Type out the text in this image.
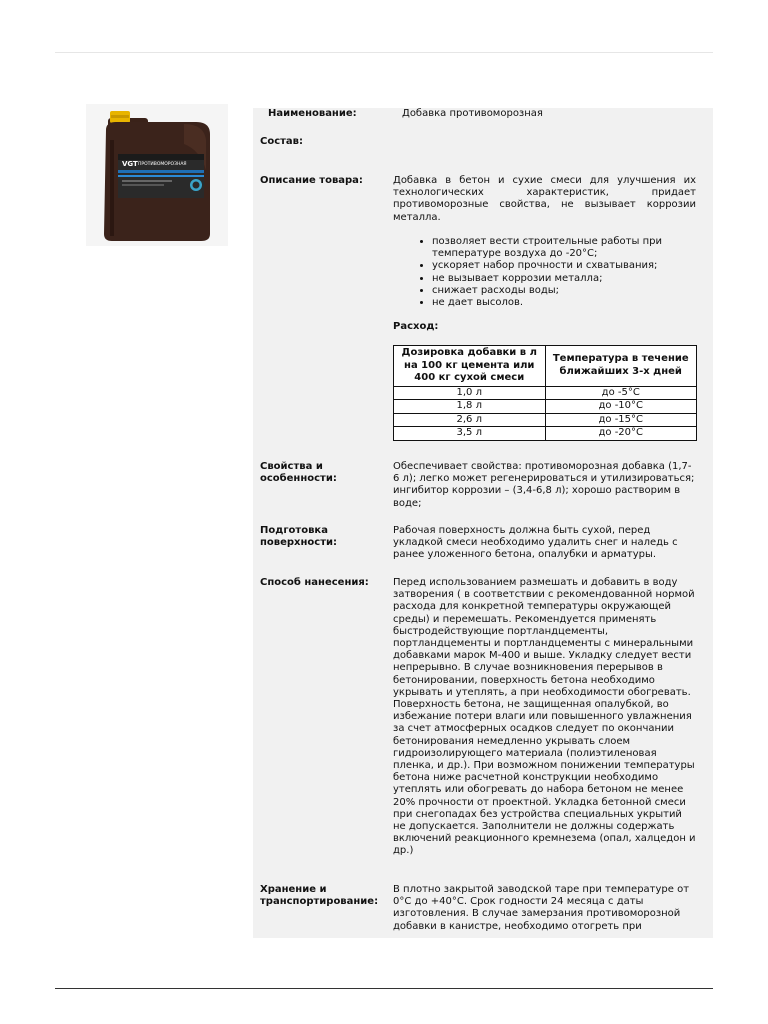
VGT ПРОТИВОМОРОЗНАЯ
Наименование:	Добавка противоморозная
Состав:
Описание товара:	Добавка в бетон и сухие смеси для улучшения их технологических характеристик, придает противоморозные свойства, не вызывает коррозии металла.
• позволяет вести строительные работы при температуре воздуха до -20°С;
• ускоряет набор прочности и схватывания;
• не вызывает коррозии металла;
• снижает расходы воды;
• не дает высолов.
Расход:
Дозировка добавки в л на 100 кг цемента или 400 кг сухой смеси	Температура в течение ближайших 3-х дней
1,0 л	до -5°С
1,8 л	до -10°С
2,6 л	до -15°С
3,5 л	до -20°С
Свойства и особенности:
Обеспечивает свойства: противоморозная добавка (1,7-6 л); легко может регенерироваться и утилизироваться; ингибитор коррозии – (3,4-6,8 л); хорошо растворим в воде;
Подготовка поверхности:
Рабочая поверхность должна быть сухой, перед укладкой смеси необходимо удалить снег и наледь с ранее уложенного бетона, опалубки и арматуры.
Способ нанесения: Перед использованием размешать и добавить в воду затворения ( в соответствии с рекомендованной нормой расхода для конкретной температуры окружающей среды) и перемешать. Рекомендуется применять быстродействующие портландцементы, портландцементы и портландцементы с минеральными добавками марок М-400 и выше. Укладку следует вести непрерывно. В случае возникновения перерывов в бетонировании, поверхность бетона необходимо укрывать и утеплять, а при необходимости обогревать. Поверхность бетона, не защищенная опалубкой, во избежание потери влаги или повышенного увлажнения за счет атмосферных осадков следует по окончании бетонирования немедленно укрывать слоем гидроизолирующего материала (полиэтиленовая пленка, и др.). При возможном понижении температуры бетона ниже расчетной конструкции необходимо утеплять или обогревать до набора бетоном не менее 20% прочности от проектной. Укладка бетонной смеси при снегопадах без устройства специальных укрытий не допускается. Заполнители не должны содержать включений реакционного кремнезема (опал, халцедон и др.)
Хранение и транспортирование:
В плотно закрытой заводской таре при температуре от 0°С до +40°С. Срок годности 24 месяца с даты изготовления. В случае замерзания противоморозной добавки в канистре, необходимо отогреть при
